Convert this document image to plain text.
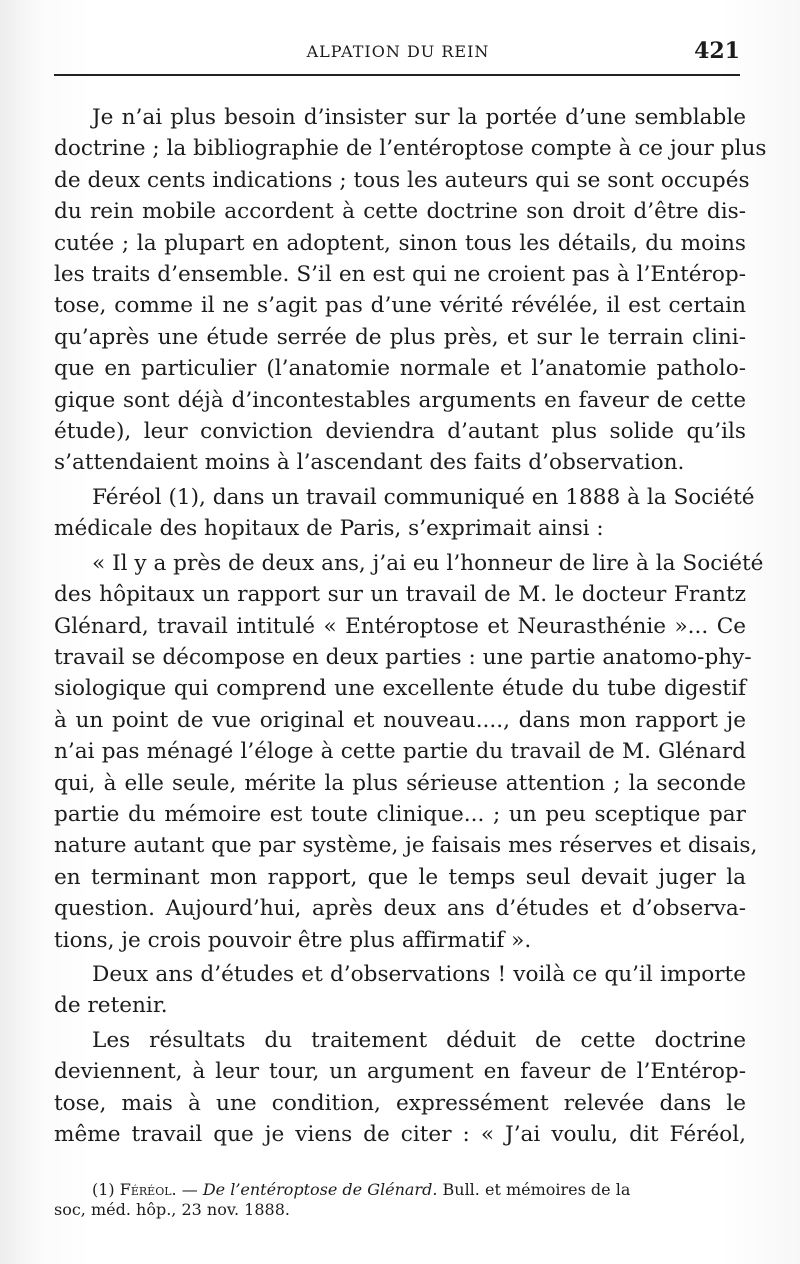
ALPATION DU REIN	421

Je n’ai plus besoin d’insister sur la portée d’une semblable
doctrine ; la bibliographie de l’entéroptose compte à ce jour plus
de deux cents indications ; tous les auteurs qui se sont occupés
du rein mobile accordent à cette doctrine son droit d’être dis-
cutée ; la plupart en adoptent, sinon tous les détails, du moins
les traits d’ensemble. S’il en est qui ne croient pas à l’Entérop-
tose, comme il ne s’agit pas d’une vérité révélée, il est certain
qu’après une étude serrée de plus près, et sur le terrain clini-
que en particulier (l’anatomie normale et l’anatomie patholo-
gique sont déjà d’incontestables arguments en faveur de cette
étude), leur conviction deviendra d’autant plus solide qu’ils
s’attendaient moins à l’ascendant des faits d’observation.

Féréol (1), dans un travail communiqué en 1888 à la Société
médicale des hopitaux de Paris, s’exprimait ainsi :

« Il y a près de deux ans, j’ai eu l’honneur de lire à la Société
des hôpitaux un rapport sur un travail de M. le docteur Frantz
Glénard, travail intitulé « Entéroptose et Neurasthénie »... Ce
travail se décompose en deux parties : une partie anatomo-phy-
siologique qui comprend une excellente étude du tube digestif
à un point de vue original et nouveau...., dans mon rapport je
n’ai pas ménagé l’éloge à cette partie du travail de M. Glénard
qui, à elle seule, mérite la plus sérieuse attention ; la seconde
partie du mémoire est toute clinique... ; un peu sceptique par
nature autant que par système, je faisais mes réserves et disais,
en terminant mon rapport, que le temps seul devait juger la
question. Aujourd’hui, après deux ans d’études et d’observa-
tions, je crois pouvoir être plus affirmatif ».

Deux ans d’études et d’observations ! voilà ce qu’il importe
de retenir.

Les résultats du traitement déduit de cette doctrine
deviennent, à leur tour, un argument en faveur de l’Entérop-
tose, mais à une condition, expressément relevée dans le
même travail que je viens de citer : « J’ai voulu, dit Féréol,

(1) Féréol. — De l’entéroptose de Glénard. Bull. et mémoires de la
soc, méd. hôp., 23 nov. 1888.
